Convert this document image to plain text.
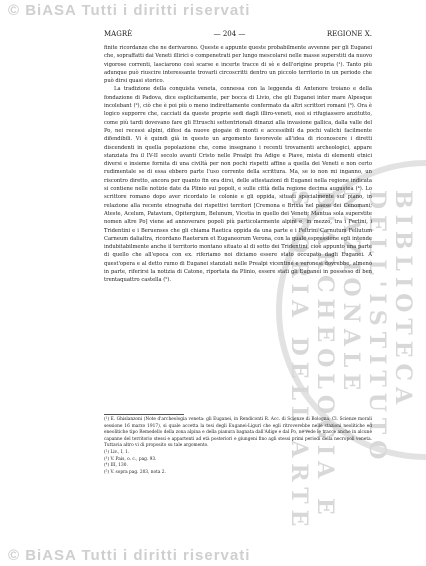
© BiASA Tutti i diritti riservati
BIBLIOTECA DELL'ISTITUTO NAZIONALE D'ARCHEOLOGIA E STORIA DELL'ARTE
MAGRÈ	— 204 —	REGIONE X.

finite ricordanze che ne derivarono. Queste e appunte queste probabilmente avvenne per gli Euganei che, sopraffatti dai Veneti illirici o compenetrati per lungo mescolarsi nelle masse superstiti da nuovo vigorose correnti, lasciarono così scarse e incerte tracce di sè e dell'origine propria (¹). Tanto più adunque può riuscire interessante trovarli circoscritti dentro un piccolo territorio in un periodo che può dirsi quasi storico.

La tradizione della conquista veneta, connessa con la leggenda di Antenore troiano e della fondazione di Padova, dice esplicitamente, per bocca di Livio, che gli Euganei inter mare Alpesque incolebant (²), ciò che è poi più o meno indirettamente confermato da altri scrittori romani (³). Ora è logico supporre che, cacciati da queste proprie sedi dagli illiro-veneti, essi si rifugiassero anzitutto, come più tardi dovevano fare gli Etruschi settentrionali dinanzi alla invasione gallica, dalla valle del Po, nei recessi alpini, difesi da nuove giogaie di monti e accessibili da pochi valichi facilmente difendibili. Vi è quindi già in questo un argomento favorevole all'idea di riconoscere i diretti discendenti in quella popolazione che, come insegnano i recenti trovamenti archeologici, appare stanziata fra il IV-II secolo avanti Cristo nelle Prealpi fra Adige e Piave, mista di elementi etnici diversi e insieme fornita di una civiltà per non pochi rispetti affine a quella dei Veneti e non certo rudimentale se di essa ebbero parte l'uso corrente della scrittura. Ma, se io non mi inganno, un riscontro diretto, ancora per quanto fin ora dirsi, delle attestazioni di Euganei nella regione indicata si contiene nelle notizie date da Plinio sui popoli, e sulle città della regione decima augustea (⁴). Lo scrittore romano dopo aver ricordato le colonie e gli oppida, situati specialmente sul piano, in relazione alla recente etnografia dei rispettivi territori [Cremona e Brixia nel paese dei Cenomani; Ateste, Acelum, Patavium, Opitergium, Belunum, Vicetia in quello dei Veneti; Mantua sola superstite nomen altre Po] viene ad annoverare popoli più particolarmente alpini e, in mezzo, tra i Fertini, i Tridentini e i Beruenses che gli chiama Raetica oppida da una parte e i Feltrini Carnutum Fellutum Carneum dalialtra, ricordano Raeterum et Euganeorum Verona, con la quale espressione egli intende indubitabilmente anche il territorio montano situato al di sotto dei Tridentini, cioè appunto una parte di quello che all'epoca con ex. riferiamo noi diciamo essere stato occupato dagli Euganei. A quest'opera e al detto rumo di Euganei stanziati nelle Prealpi vicentine e veronesi dovrebbe, almeno in parte, riferirsi la notizia di Catone, riportata da Plinio, essere stati gli Euganei in possesso di ben trentaquattro castella (⁵).

(¹) E. Ghislanzoni (Note d'archeologia veneta: gli Euganei, in Rendiconti R. Acc. di Scienze di Bologna, Cl. Scienze morali sessione 16 marzo 1917), si quale accetta la tesi degli Euganei-Liguri che egli ritroverebbe nelle stazioni neolitiche ed eneolitiche tipo Remedello della zona alpina e della pianura bagnata dall'Adige e dal Po, ne vede le tracce anche in alcune capanne del territorio stessi e appartenti ad età posteriori e giungeni fino agli stessi primi periodi della necropoli veneta. Tuttavia altro vi di proposito su tale argomento.

(²) Liv., I, 1.

(³) V. Pais, o. c., pag. 93.

(⁴) III, 130.

(⁵) V. sopra pag. 203, nota 2.

© BiASA Tutti i diritti riservati
